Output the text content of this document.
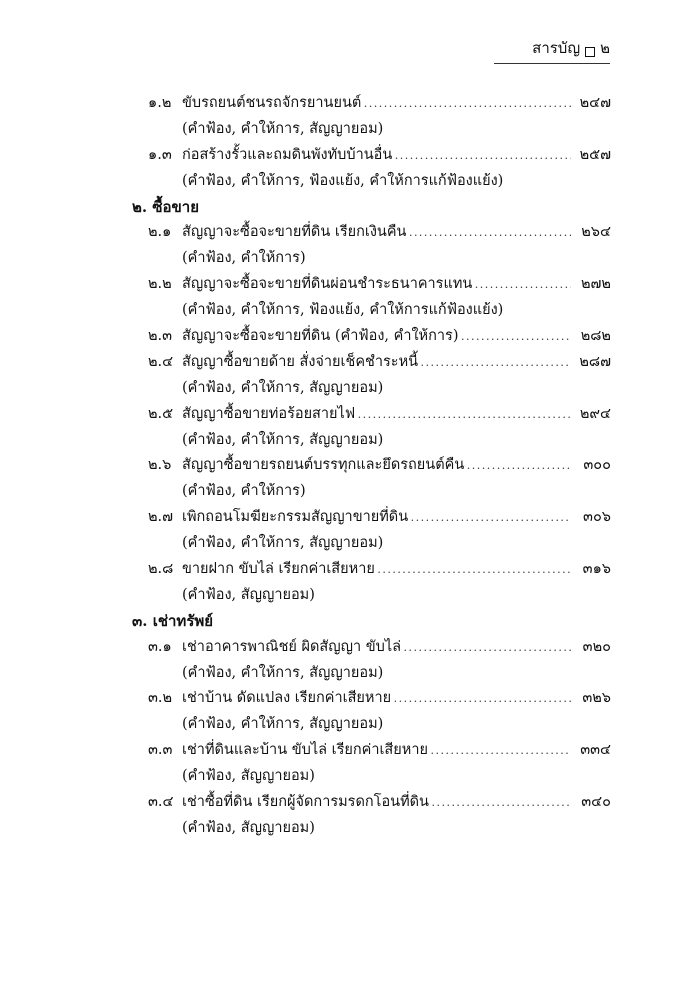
สารบัญ ๒
๑.๒ ขับรถยนต์ชนรถจักรยานยนต์ . . .	๒๔๗
(คำฟ้อง, คำให้การ, สัญญายอม)
๑.๓ ก่อสร้างรั้วและถมดินพังทับบ้านอื่น . . .	๒๕๗
(คำฟ้อง, คำให้การ, ฟ้องแย้ง, คำให้การแก้ฟ้องแย้ง)
๒. ซื้อขาย
๒.๑ สัญญาจะซื้อจะขายที่ดิน เรียกเงินคืน . . .	๒๖๔
(คำฟ้อง, คำให้การ)
๒.๒ สัญญาจะซื้อจะขายที่ดินผ่อนชำระธนาคารแทน . . .	๒๗๒
(คำฟ้อง, คำให้การ, ฟ้องแย้ง, คำให้การแก้ฟ้องแย้ง)
๒.๓ สัญญาจะซื้อจะขายที่ดิน (คำฟ้อง, คำให้การ) . . .	๒๘๒
๒.๔ สัญญาซื้อขายด้าย สั่งจ่ายเช็คชำระหนี้ . . .	๒๘๗
(คำฟ้อง, คำให้การ, สัญญายอม)
๒.๕ สัญญาซื้อขายท่อร้อยสายไฟ . . .	๒๙๔
(คำฟ้อง, คำให้การ, สัญญายอม)
๒.๖ สัญญาซื้อขายรถยนต์บรรทุกและยึดรถยนต์คืน . . .	๓๐๐
(คำฟ้อง, คำให้การ)
๒.๗ เพิกถอนโมฆียะกรรมสัญญาขายที่ดิน . . .	๓๐๖
(คำฟ้อง, คำให้การ, สัญญายอม)
๒.๘ ขายฝาก ขับไล่ เรียกค่าเสียหาย . . .	๓๑๖
(คำฟ้อง, สัญญายอม)
๓. เช่าทรัพย์
๓.๑ เช่าอาคารพาณิชย์ ผิดสัญญา ขับไล่ . . .	๓๒๐
(คำฟ้อง, คำให้การ, สัญญายอม)
๓.๒ เช่าบ้าน ดัดแปลง เรียกค่าเสียหาย . . .	๓๒๖
(คำฟ้อง, คำให้การ, สัญญายอม)
๓.๓ เช่าที่ดินและบ้าน ขับไล่ เรียกค่าเสียหาย . . .	๓๓๔
(คำฟ้อง, สัญญายอม)
๓.๔ เช่าซื้อที่ดิน เรียกผู้จัดการมรดกโอนที่ดิน . . .	๓๔๐
(คำฟ้อง, สัญญายอม)
